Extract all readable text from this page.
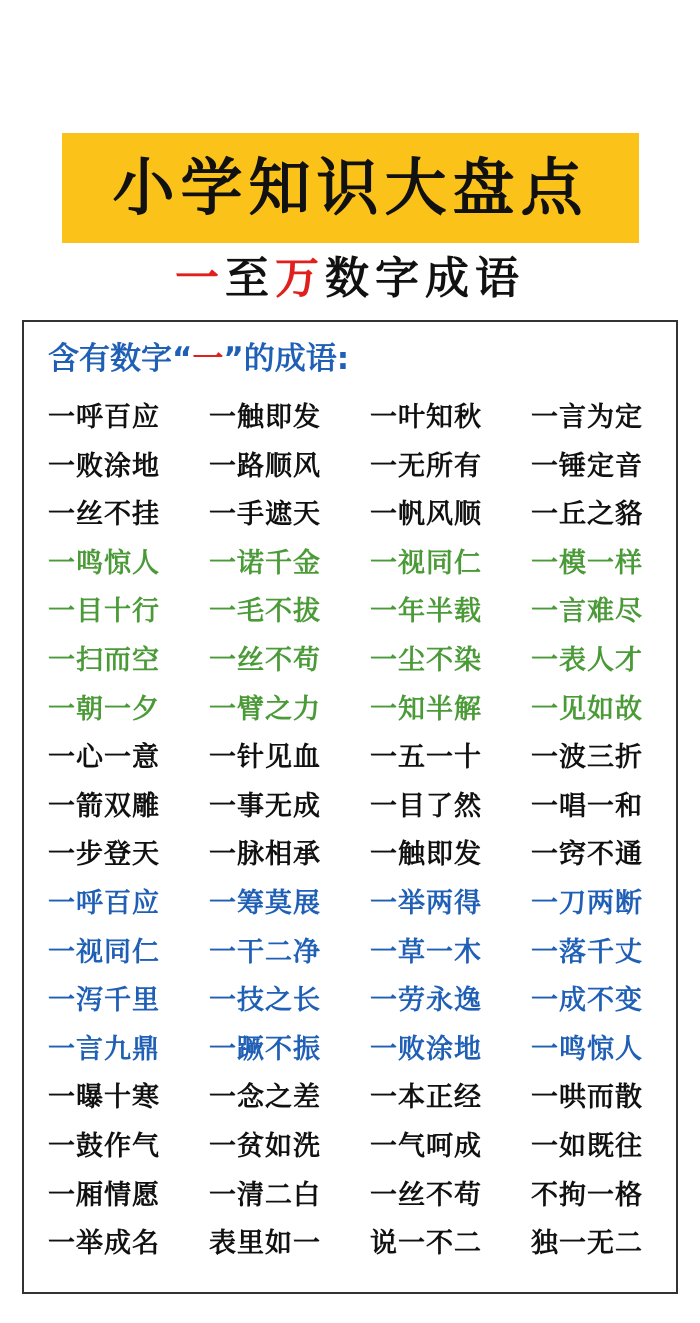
小学知识大盘点
一至万数字成语
含有数字“一”的成语:
一呼百应 一触即发 一叶知秋 一言为定
一败涂地 一路顺风 一无所有 一锤定音
一丝不挂 一手遮天 一帆风顺 一丘之貉
一鸣惊人 一诺千金 一视同仁 一模一样
一目十行 一毛不拔 一年半载 一言难尽
一扫而空 一丝不苟 一尘不染 一表人才
一朝一夕 一臂之力 一知半解 一见如故
一心一意 一针见血 一五一十 一波三折
一箭双雕 一事无成 一目了然 一唱一和
一步登天 一脉相承 一触即发 一窍不通
一呼百应 一筹莫展 一举两得 一刀两断
一视同仁 一干二净 一草一木 一落千丈
一泻千里 一技之长 一劳永逸 一成不变
一言九鼎 一蹶不振 一败涂地 一鸣惊人
一曝十寒 一念之差 一本正经 一哄而散
一鼓作气 一贫如洗 一气呵成 一如既往
一厢情愿 一清二白 一丝不苟 不拘一格
一举成名 表里如一 说一不二 独一无二
